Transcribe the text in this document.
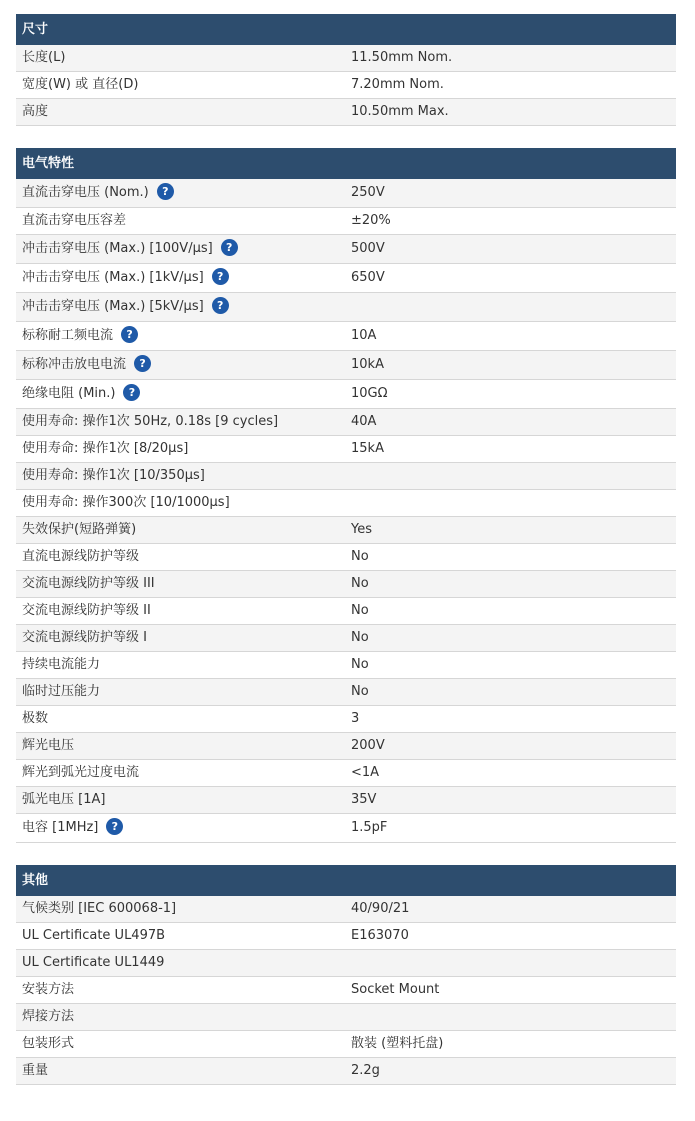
尺寸
长度(L)	11.50mm Nom.
宽度(W) 或 直径(D)	7.20mm Nom.
高度	10.50mm Max.
电气特性
直流击穿电压 (Nom.) ?	250V
直流击穿电压容差	±20%
冲击击穿电压 (Max.) [100V/µs] ?	500V
冲击击穿电压 (Max.) [1kV/µs] ?	650V
冲击击穿电压 (Max.) [5kV/µs] ?
标称耐工频电流 ?	10A
标称冲击放电电流 ?	10kA
绝缘电阻 (Min.) ?	10GΩ
使用寿命: 操作1次 50Hz, 0.18s [9 cycles]	40A
使用寿命: 操作1次 [8/20µs]	15kA
使用寿命: 操作1次 [10/350µs]
使用寿命: 操作300次 [10/1000µs]
失效保护(短路弹簧)	Yes
直流电源线防护等级	No
交流电源线防护等级 III	No
交流电源线防护等级 II	No
交流电源线防护等级 I	No
持续电流能力	No
临时过压能力	No
极数	3
辉光电压	200V
辉光到弧光过度电流	<1A
弧光电压 [1A]	35V
电容 [1MHz] ?	1.5pF
其他
气候类别 [IEC 600068-1]	40/90/21
UL Certificate UL497B	E163070
UL Certificate UL1449
安装方法	Socket Mount
焊接方法
包装形式	散装 (塑料托盘)
重量	2.2g
